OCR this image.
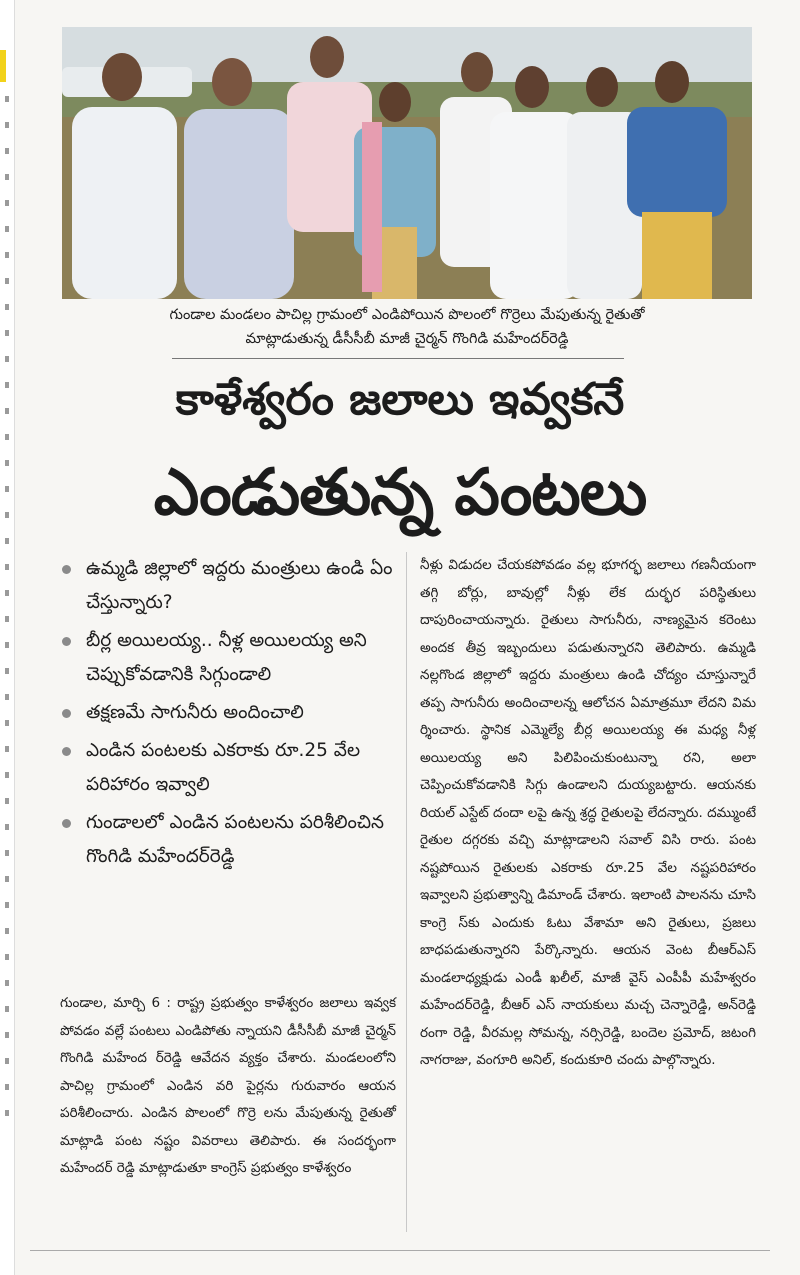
గుండాల మండలం పాచిల్ల గ్రామంలో ఎండిపోయిన పొలంలో గొర్రెలు మేపుతున్న రైతుతో
మాట్లాడుతున్న డీసీసీబీ మాజీ చైర్మన్ గొంగిడి మహేందర్‌రెడ్డి
కాళేశ్వరం జలాలు ఇవ్వకనే
ఎండుతున్న పంటలు
ఉమ్మడి జిల్లాలో ఇద్దరు మంత్రులు ఉండి ఏం చేస్తున్నారు?
బీర్ల అయిలయ్య.. నీళ్ల అయిలయ్య అని చెప్పుకోవడానికి సిగ్గుండాలి
తక్షణమే సాగునీరు అందించాలి
ఎండిన పంటలకు ఎకరాకు రూ.25 వేల పరిహారం ఇవ్వాలి
గుండాలలో ఎండిన పంటలను పరిశీలించిన గొంగిడి మహేందర్‌రెడ్డి
గుండాల, మార్చి 6 : రాష్ట్ర ప్రభుత్వం కాళేశ్వరం జలాలు ఇవ్వక పోవడం వల్లే పంటలు ఎండిపోతు న్నాయని డీసీసీబీ మాజీ చైర్మన్ గొంగిడి మహేంద ర్‌రెడ్డి ఆవేదన వ్యక్తం చేశారు. మండలంలోని పాచిల్ల గ్రామంలో ఎండిన వరి పైర్లను గురువారం ఆయన పరిశీలించారు. ఎండిన పొలంలో గొర్రె లను మేపుతున్న రైతుతో మాట్లాడి పంట నష్టం వివరాలు తెలిపారు. ఈ సందర్భంగా మహేందర్ రెడ్డి మాట్లాడుతూ కాంగ్రెస్ ప్రభుత్వం కాళేశ్వరం
నీళ్లు విడుదల చేయకపోవడం వల్ల భూగర్భ జలాలు గణనీయంగా తగ్గి బోర్లు, బావుల్లో నీళ్లు లేక దుర్భర పరిస్థితులు దాపురించాయన్నారు. రైతులు సాగునీరు, నాణ్యమైన కరెంటు అందక తీవ్ర ఇబ్బందులు పడుతున్నారని తెలిపారు. ఉమ్మడి నల్లగొండ జిల్లాలో ఇద్దరు మంత్రులు ఉండి చోద్యం చూస్తున్నారే తప్ప సాగునీరు అందించాలన్న ఆలోచన ఏమాత్రమూ లేదని విమ ర్శించారు. స్థానిక ఎమ్మెల్యే బీర్ల అయిలయ్య ఈ మధ్య నీళ్ల అయిలయ్య అని పిలిపించుకుంటున్నా రని, అలా చెప్పించుకోవడానికి సిగ్గు ఉండాలని దుయ్యబట్టారు. ఆయనకు రియల్ ఎస్టేట్ దందా లపై ఉన్న శ్రద్ధ రైతులపై లేదన్నారు. దమ్ముంటే రైతుల దగ్గరకు వచ్చి మాట్లాడాలని సవాల్ విసి రారు. పంట నష్టపోయిన రైతులకు ఎకరాకు రూ.25 వేల నష్టపరిహారం ఇవ్వాలని ప్రభుత్వాన్ని డిమాండ్ చేశారు. ఇలాంటి పాలనను చూసి కాంగ్రె స్‌కు ఎందుకు ఓటు వేశామా అని రైతులు, ప్రజలు బాధపడుతున్నారని పేర్కొన్నారు. ఆయన వెంట బీఆర్ఎస్ మండలాధ్యక్షుడు ఎండీ ఖలీల్, మాజీ వైస్ ఎంపీపీ మహేశ్వరం మహేందర్‌రెడ్డి, బీఆర్ ఎస్ నాయకులు మచ్చ చెన్నారెడ్డి, అన్‌రెడ్డి రంగా రెడ్డి, వీరమల్ల సోమన్న, నర్సిరెడ్డి, బందెల ప్రమోద్, జటంగి నాగరాజు, వంగూరి అనిల్, కందుకూరి చందు పాల్గొన్నారు.
